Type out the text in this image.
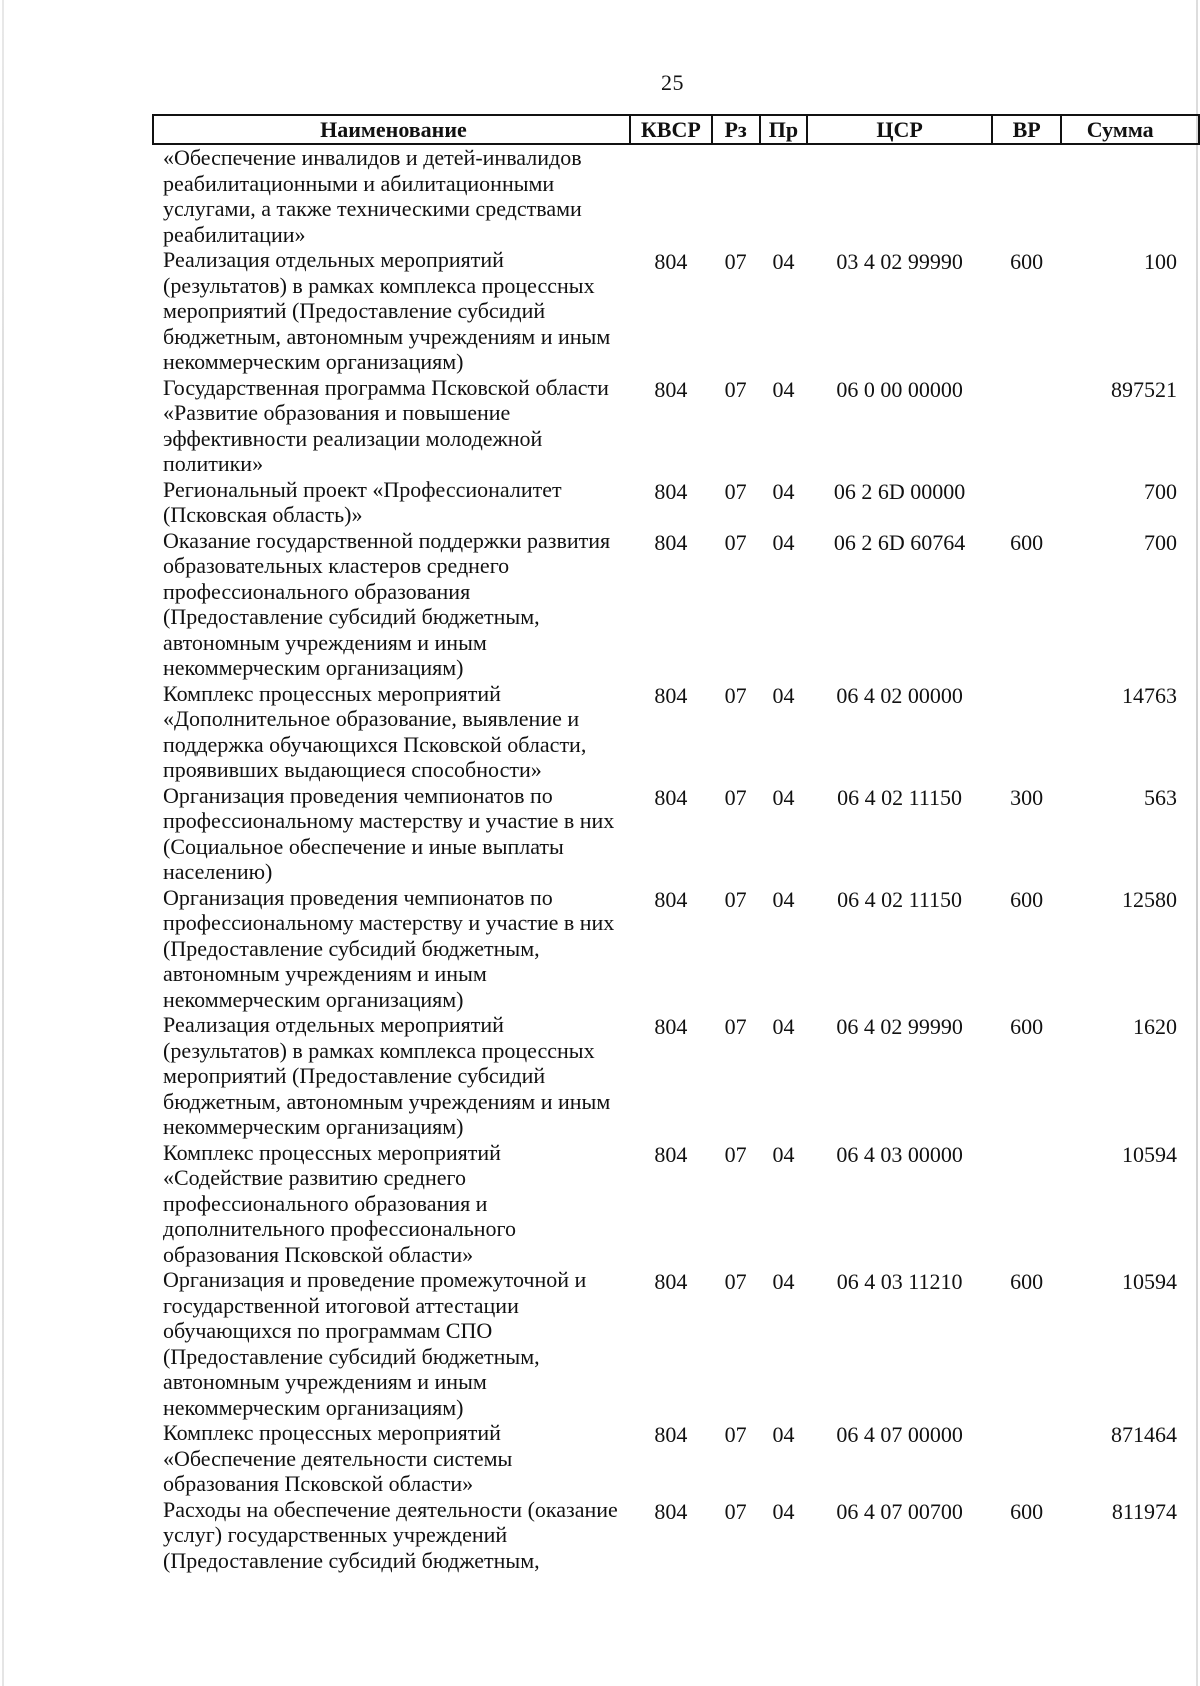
25
Наименование	КВСР	Рз	Пр	ЦСР	ВР	Сумма
«Обеспечение инвалидов и детей-инвалидов реабилитационными и абилитационными услугами, а также техническими средствами реабилитации»						
Реализация отдельных мероприятий (результатов) в рамках комплекса процессных мероприятий (Предоставление субсидий бюджетным, автономным учреждениям и иным некоммерческим организациям)	804	07	04	03 4 02 99990	600	100
Государственная программа Псковской области «Развитие образования и повышение эффективности реализации молодежной политики»	804	07	04	06 0 00 00000		897521
Региональный проект «Профессионалитет (Псковская область)»	804	07	04	06 2 6D 00000		700
Оказание государственной поддержки развития образовательных кластеров среднего профессионального образования (Предоставление субсидий бюджетным, автономным учреждениям и иным некоммерческим организациям)	804	07	04	06 2 6D 60764	600	700
Комплекс процессных мероприятий «Дополнительное образование, выявление и поддержка обучающихся Псковской области, проявивших выдающиеся способности»	804	07	04	06 4 02 00000		14763
Организация проведения чемпионатов по профессиональному мастерству и участие в них (Социальное обеспечение и иные выплаты населению)	804	07	04	06 4 02 11150	300	563
Организация проведения чемпионатов по профессиональному мастерству и участие в них (Предоставление субсидий бюджетным, автономным учреждениям и иным некоммерческим организациям)	804	07	04	06 4 02 11150	600	12580
Реализация отдельных мероприятий (результатов) в рамках комплекса процессных мероприятий (Предоставление субсидий бюджетным, автономным учреждениям и иным некоммерческим организациям)	804	07	04	06 4 02 99990	600	1620
Комплекс процессных мероприятий «Содействие развитию среднего профессионального образования и дополнительного профессионального образования Псковской области»	804	07	04	06 4 03 00000		10594
Организация и проведение промежуточной и государственной итоговой аттестации обучающихся по программам СПО (Предоставление субсидий бюджетным, автономным учреждениям и иным некоммерческим организациям)	804	07	04	06 4 03 11210	600	10594
Комплекс процессных мероприятий «Обеспечение деятельности системы образования Псковской области»	804	07	04	06 4 07 00000		871464
Расходы на обеспечение деятельности (оказание услуг) государственных учреждений (Предоставление субсидий бюджетным,	804	07	04	06 4 07 00700	600	811974
